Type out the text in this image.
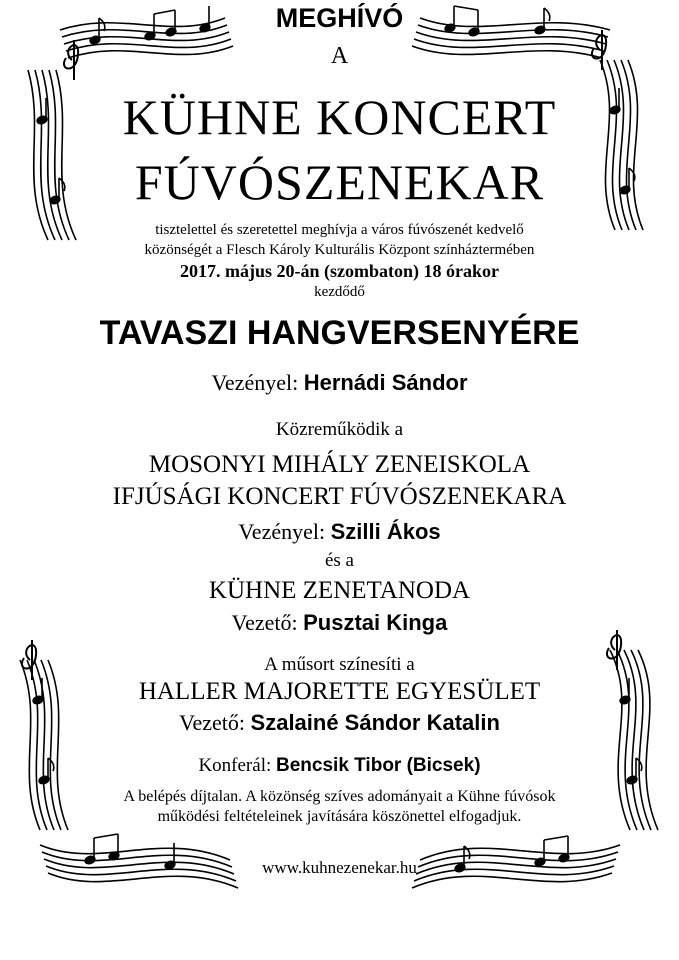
MEGHÍVÓ

A

KÜHNE KONCERT

FÚVÓSZENEKAR

tisztelettel és szeretettel meghívja a város fúvószenét kedvelő

közönségét a Flesch Károly Kulturális Központ színháztermében

2017. május 20-án (szombaton) 18 órakor

kezdődő

TAVASZI HANGVERSENYÉRE

Vezényel: Hernádi Sándor

Közreműködik a

MOSONYI MIHÁLY ZENEISKOLA

IFJÚSÁGI KONCERT FÚVÓSZENEKARA

Vezényel: Szilli Ákos

és a

KÜHNE ZENETANODA

Vezető: Pusztai Kinga

A műsort színesíti a

HALLER MAJORETTE EGYESÜLET

Vezető: Szalainé Sándor Katalin

Konferál: Bencsik Tibor (Bicsek)

A belépés díjtalan. A közönség szíves adományait a Kühne fúvósok

működési feltételeinek javítására köszönettel elfogadjuk.

www.kuhnezenekar.hu
